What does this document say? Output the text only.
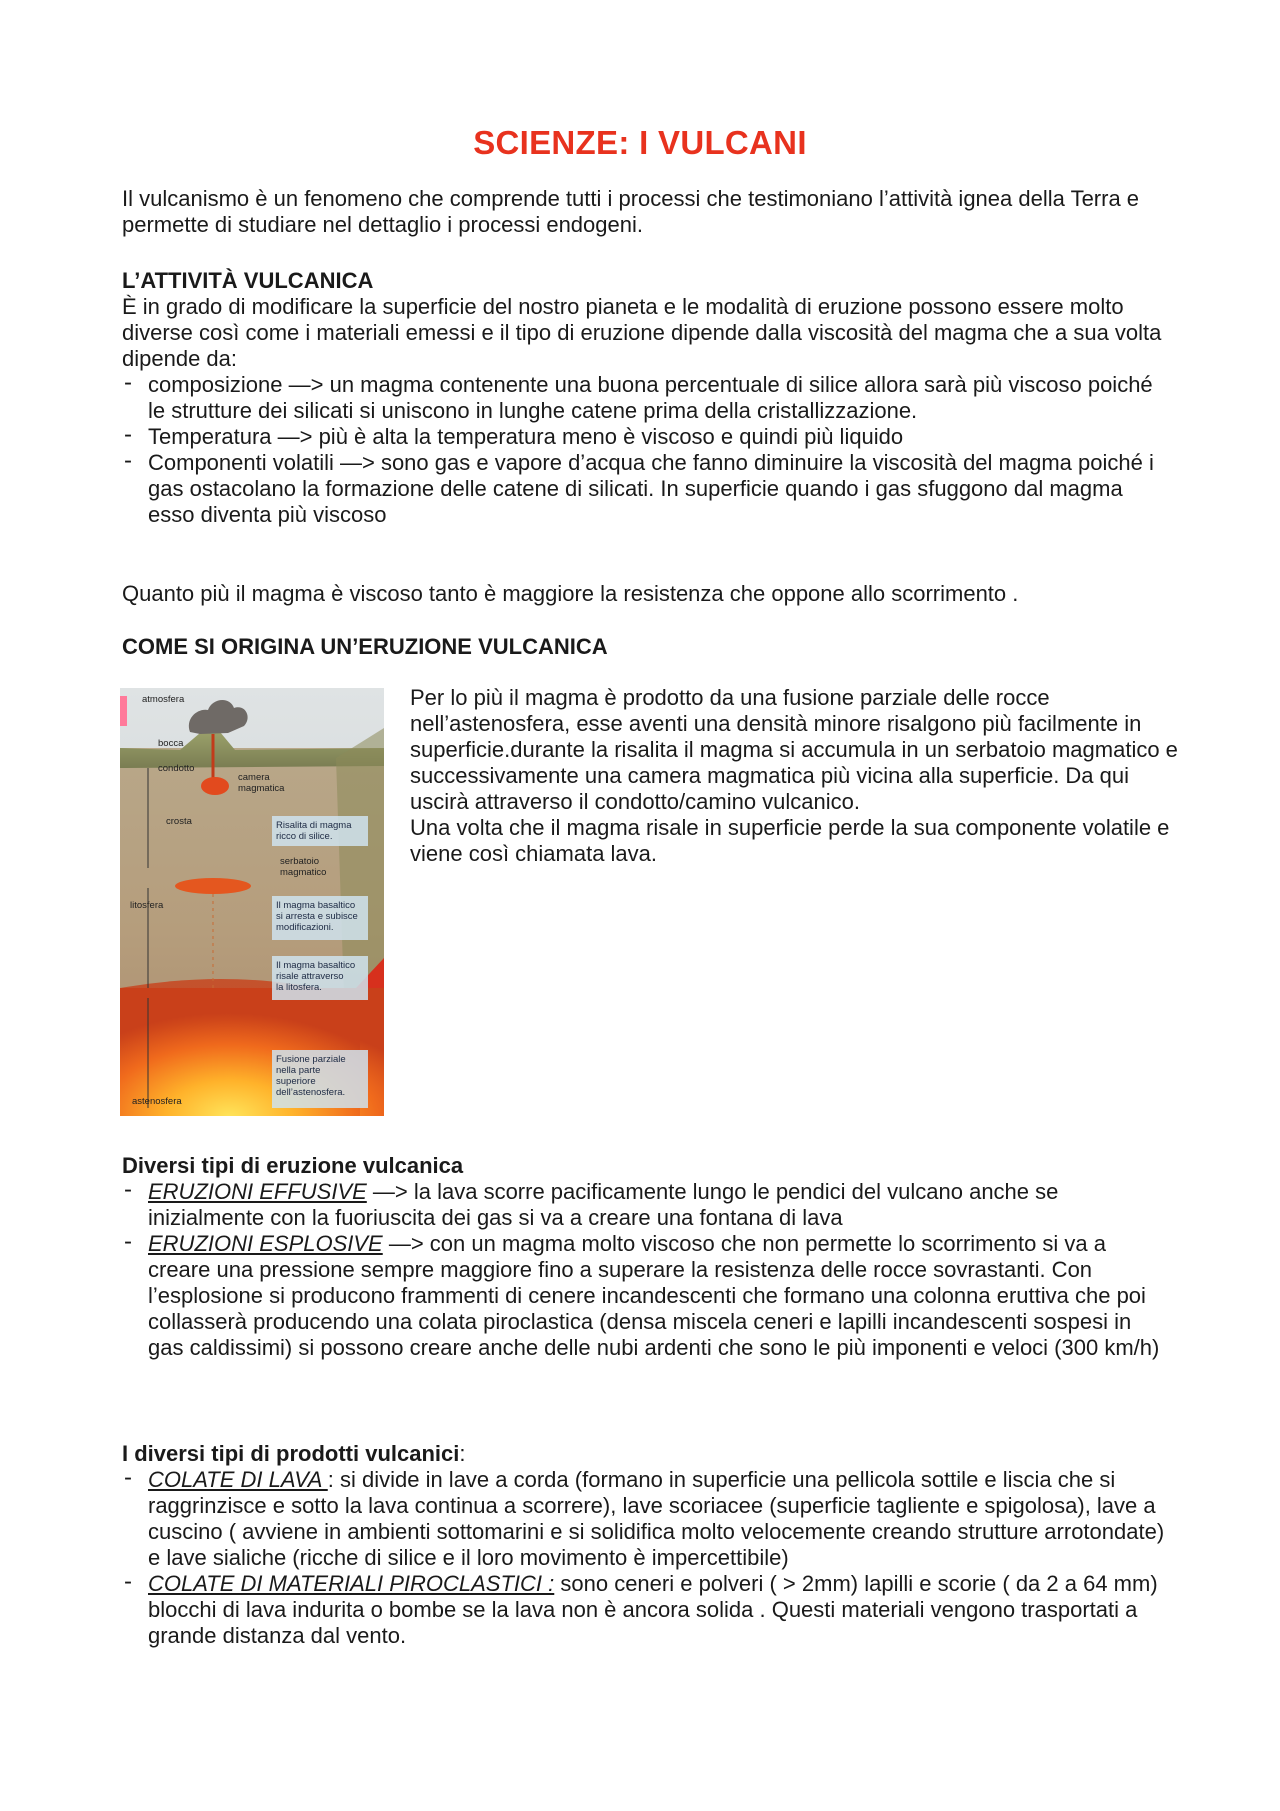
SCIENZE: I VULCANI

Il vulcanismo è un fenomeno che comprende tutti i processi che testimoniano l’attività ignea della Terra e permette di studiare nel dettaglio i processi endogeni.

L’ATTIVITÀ VULCANICA

È in grado di modificare la superficie del nostro pianeta e le modalità di eruzione possono essere molto diverse così come i materiali emessi e il tipo di eruzione dipende dalla viscosità del magma che a sua volta dipende da:

- composizione —> un magma contenente una buona percentuale di silice allora sarà più viscoso poiché le strutture dei silicati si uniscono in lunghe catene prima della cristallizzazione.
- Temperatura —> più è alta la temperatura meno è viscoso e quindi più liquido
- Componenti volatili —> sono gas e vapore d’acqua che fanno diminuire la viscosità del magma poiché i gas ostacolano la formazione delle catene di silicati. In superficie quando i gas sfuggono dal magma esso diventa più viscoso

Quanto più il magma è viscoso tanto è maggiore la resistenza che oppone allo scorrimento .

COME SI ORIGINA UN’ERUZIONE VULCANICA
atmosfera
bocca
condotto
camera
magmatica
crosta	Risalita di magma
ricco di silice.
serbatoio
magmatico
litosfera	Il magma basaltico
si arresta e subisce
modificazioni.
Il magma basaltico
risale attraverso
la litosfera.
Fusione parziale
nella parte
superiore
dell’astenosfera.
astenosfera
Per lo più il magma è prodotto da una fusione parziale delle rocce nell’astenosfera, esse aventi una densità minore risalgono più facilmente in superficie.durante la risalita il magma si accumula in un serbatoio magmatico e successivamente una camera magmatica più vicina alla superficie. Da qui uscirà attraverso il condotto/camino vulcanico.
Una volta che il magma risale in superficie perde la sua componente volatile e viene così chiamata lava.
Diversi tipi di eruzione vulcanica
- ERUZIONI EFFUSIVE —> la lava scorre pacificamente lungo le pendici del vulcano anche se inizialmente con la fuoriuscita dei gas si va a creare una fontana di lava
- ERUZIONI ESPLOSIVE —> con un magma molto viscoso che non permette lo scorrimento si va a creare una pressione sempre maggiore fino a superare la resistenza delle rocce sovrastanti. Con l’esplosione si producono frammenti di cenere incandescenti che formano una colonna eruttiva che poi collasserà producendo una colata piroclastica (densa miscela ceneri e lapilli incandescenti sospesi in gas caldissimi) si possono creare anche delle nubi ardenti che sono le più imponenti e veloci (300 km/h)
I diversi tipi di prodotti vulcanici:
- COLATE DI LAVA : si divide in lave a corda (formano in superficie una pellicola sottile e liscia che si raggrinzisce e sotto la lava continua a scorrere), lave scoriacee (superficie tagliente e spigolosa), lave a cuscino ( avviene in ambienti sottomarini e si solidifica molto velocemente creando strutture arrotondate) e lave sialiche (ricche di silice e il loro movimento è impercettibile)
- COLATE DI MATERIALI PIROCLASTICI : sono ceneri e polveri ( > 2mm) lapilli e scorie ( da 2 a 64 mm) blocchi di lava indurita o bombe se la lava non è ancora solida . Questi materiali vengono trasportati a grande distanza dal vento.
